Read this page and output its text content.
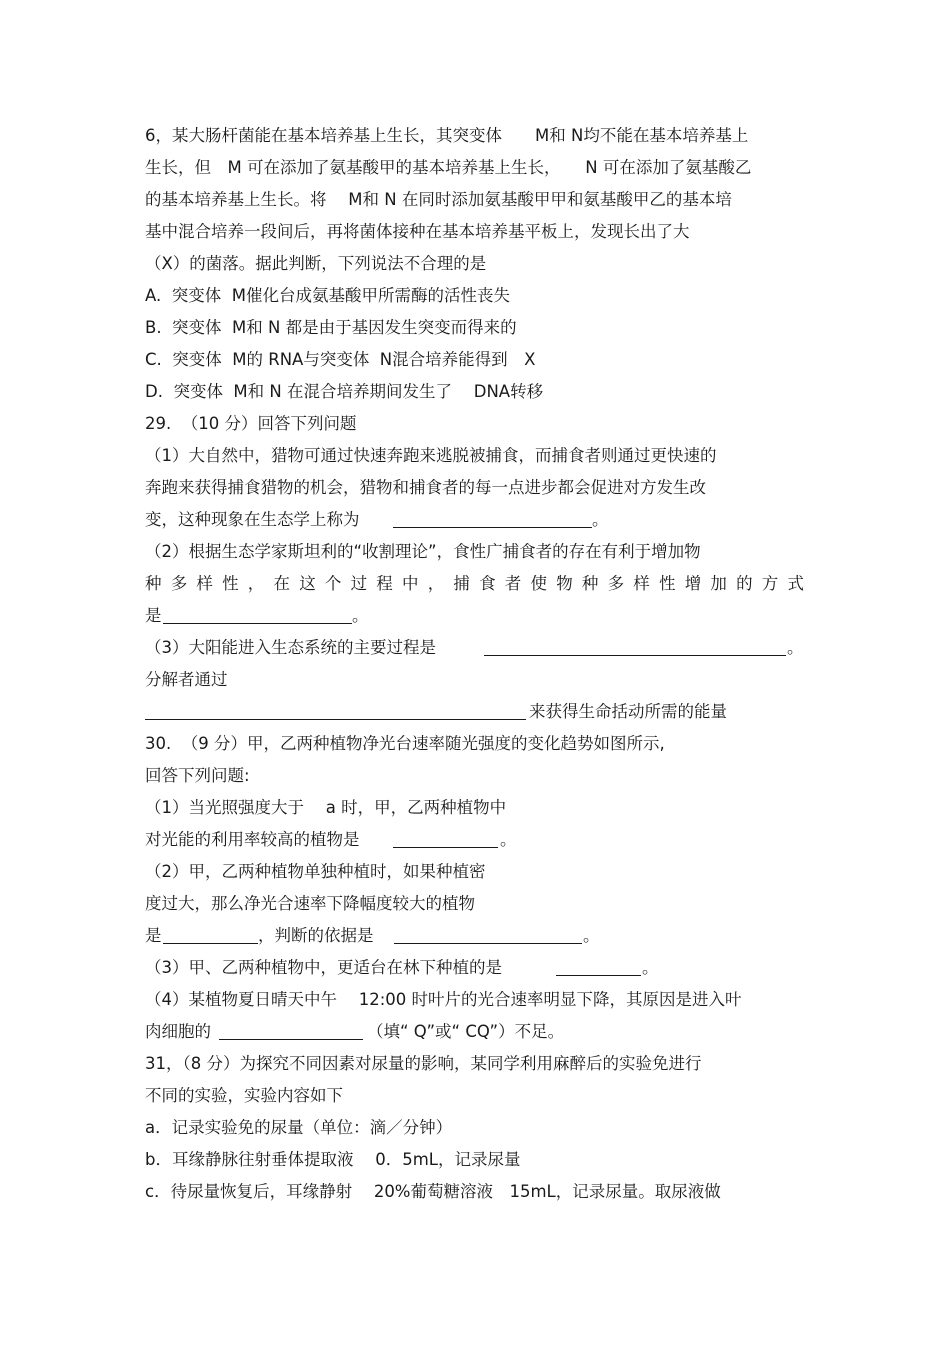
6，某大肠杆菌能在基本培养基上生长，其突变体　　M和 N均不能在基本培养基上
生长，但　M 可在添加了氨基酸甲的基本培养基上生长，　　N 可在添加了氨基酸乙
的基本培养基上生长。将　 M和 N 在同时添加氨基酸甲甲和氨基酸甲乙的基本培
基中混合培养一段间后，再将菌体接种在基本培养基平板上，发现长出了大
（X）的菌落。据此判断，下列说法不合理的是
A.  突变体  M催化台成氨基酸甲所需酶的活性丧失
B.  突变体  M和 N 都是由于基因发生突变而得来的
C.  突变体  M的 RNA与突变体  N混合培养能得到　X
D.  突变体  M和 N 在混合培养期间发生了　 DNA转移
29.  （10 分）回答下列问题
（1）大自然中，猎物可通过快速奔跑来逃脱被捕食，而捕食者则通过更快速的
奔跑来获得捕食猎物的机会，猎物和捕食者的每一点进步都会促进对方发生改
变，这种现象在生态学上称为	。
（2）根据生态学家斯坦利的“收割理论”，食性广捕食者的存在有利于增加物
种多样性，在这个过程中，捕食者使物种多样性增加的方式
是	。
（3）大阳能进入生态系统的主要过程是	。
分解者通过
来获得生命括动所需的能量
30.  （9 分）甲，乙两种植物净光台速率随光强度的变化趋势如图所示,
回答下列问题:
（1）当光照强度大于　 a 时，甲，乙两种植物中
对光能的利用率较高的植物是	。
（2）甲，乙两种植物单独种植时，如果种植密
度过大，那么净光合速率下降幅度较大的植物
是	，判断的依据是	。
（3）甲、乙两种植物中，更适台在林下种植的是	。
（4）某植物夏日晴天中午　 12:00 时叶片的光合速率明显下降，其原因是进入叶
肉细胞的	（填“ Q”或“ CQ”）不足。
31，（8 分）为探究不同因素对尿量的影响，某同学利用麻醉后的实验免进行
不同的实验，实验内容如下
a．记录实验免的尿量（单位：滴／分钟）
b．耳缘静脉往射垂体提取液　 0．5mL，记录尿量
c．待尿量恢复后，耳缘静射　 20%葡萄糖溶液　15mL，记录尿量。取尿液做
